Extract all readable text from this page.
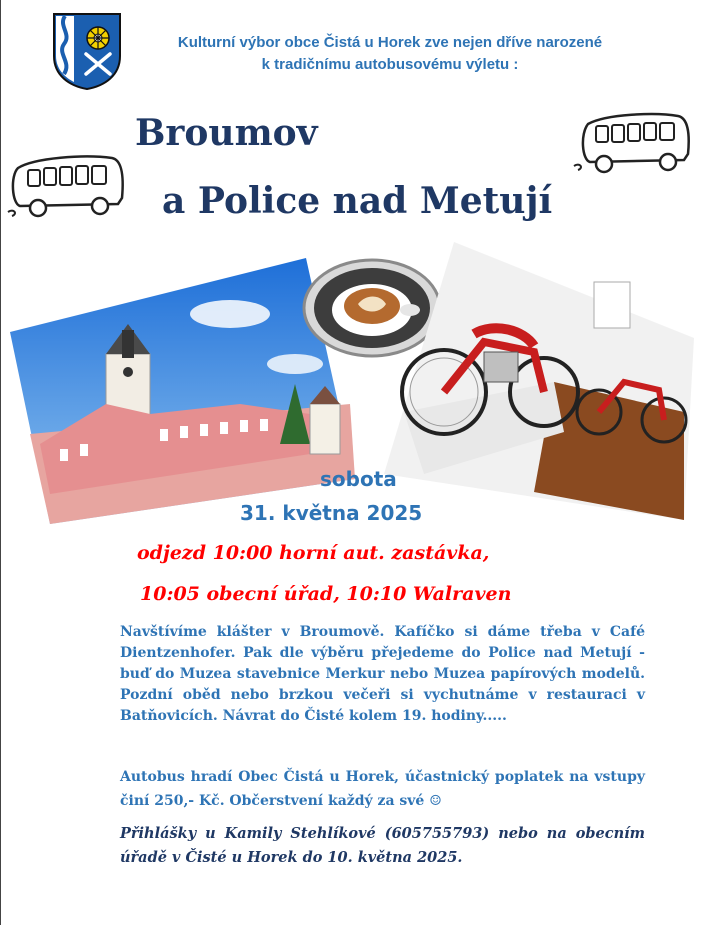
Kulturní výbor obce Čistá u Horek zve nejen dříve narozené
k tradičnímu autobusovému výletu :
Broumov
a Police nad Metují
sobota
31. května 2025
odjezd 10:00 horní aut. zastávka,
10:05 obecní úřad, 10:10 Walraven
Navštívíme klášter v Broumově. Kafíčko si dáme třeba v Café Dientzenhofer. Pak dle výběru přejedeme do Police nad Metují - buď do Muzea stavebnice Merkur nebo Muzea papírových modelů. Pozdní oběd nebo brzkou večeři si vychutnáme v restauraci v Batňovicích. Návrat do Čisté kolem 19. hodiny.....
Autobus hradí Obec Čistá u Horek, účastnický poplatek na vstupy činí 250,- Kč. Občerstvení každý za své ☺
Přihlášky u Kamily Stehlíkové (605755793) nebo na obecním úřadě v Čisté u Horek do 10. května 2025.
